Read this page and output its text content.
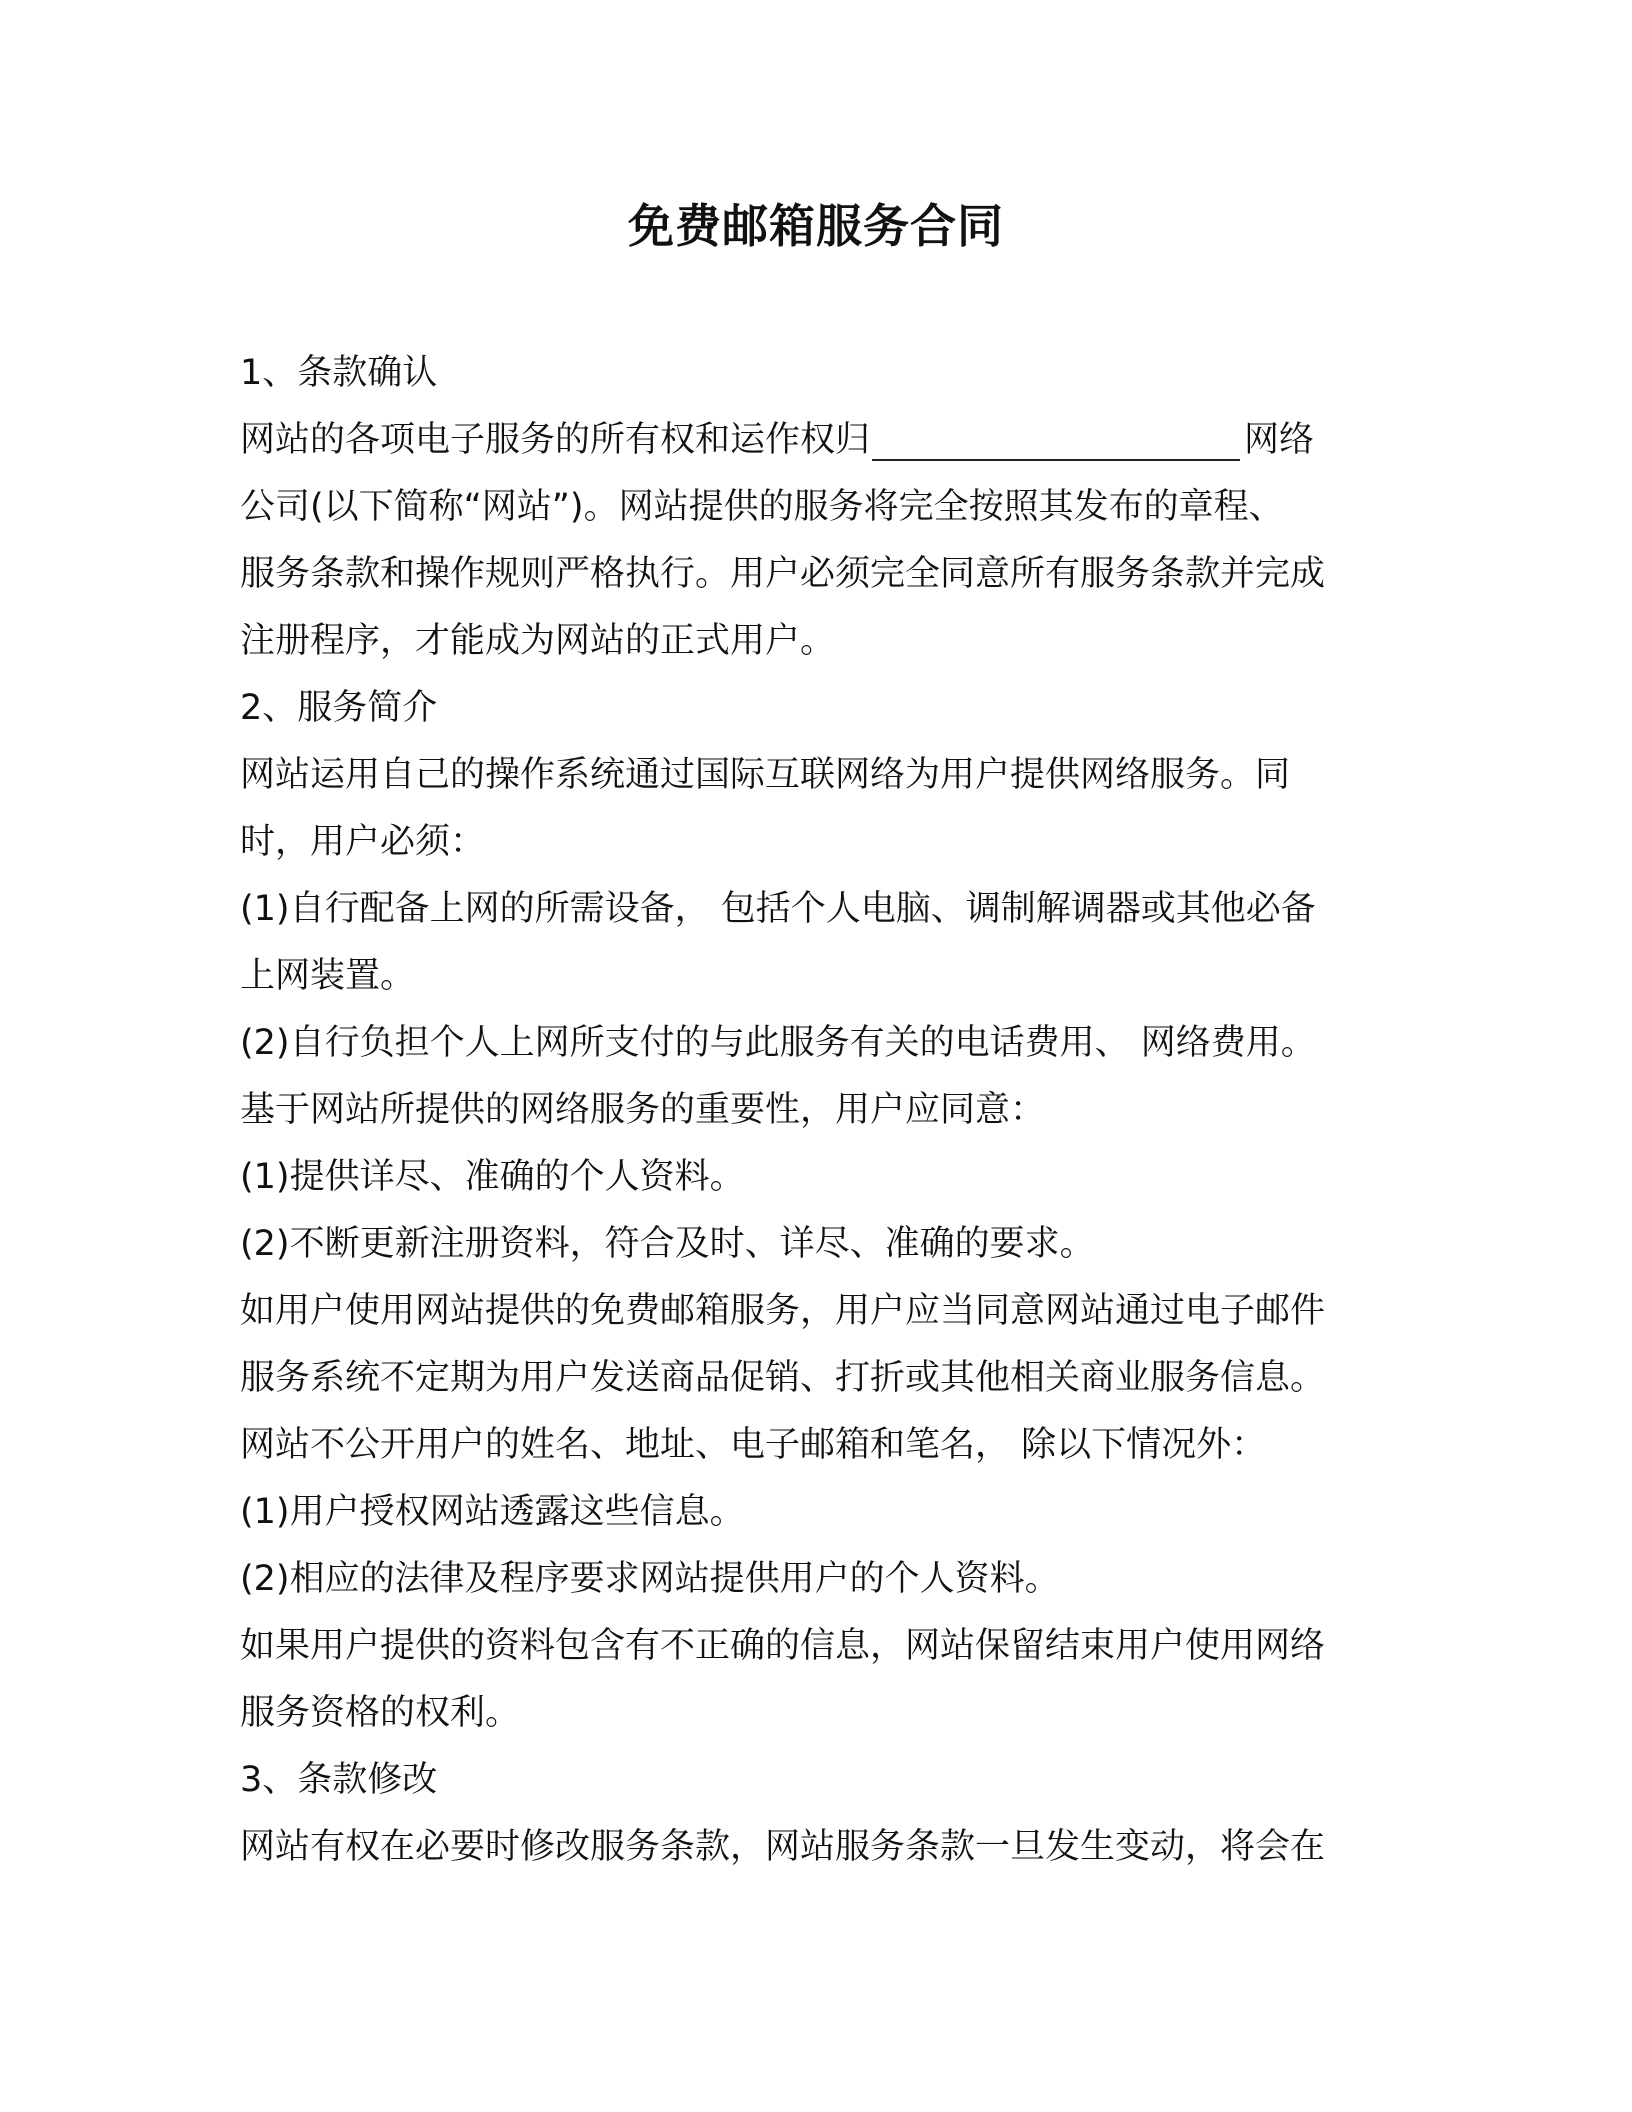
免费邮箱服务合同
1、条款确认
网站的各项电子服务的所有权和运作权归	网络
公司(以下简称“网站”)。网站提供的服务将完全按照其发布的章程、
服务条款和操作规则严格执行。用户必须完全同意所有服务条款并完成
注册程序，才能成为网站的正式用户。
2、服务简介
网站运用自己的操作系统通过国际互联网络为用户提供网络服务。同
时，用户必须：
(1)自行配备上网的所需设备， 包括个人电脑、调制解调器或其他必备
上网装置。
(2)自行负担个人上网所支付的与此服务有关的电话费用、 网络费用。
基于网站所提供的网络服务的重要性，用户应同意：
(1)提供详尽、准确的个人资料。
(2)不断更新注册资料，符合及时、详尽、准确的要求。
如用户使用网站提供的免费邮箱服务，用户应当同意网站通过电子邮件
服务系统不定期为用户发送商品促销、打折或其他相关商业服务信息。
网站不公开用户的姓名、地址、电子邮箱和笔名， 除以下情况外：
(1)用户授权网站透露这些信息。
(2)相应的法律及程序要求网站提供用户的个人资料。
如果用户提供的资料包含有不正确的信息，网站保留结束用户使用网络
服务资格的权利。
3、条款修改
网站有权在必要时修改服务条款，网站服务条款一旦发生变动，将会在
